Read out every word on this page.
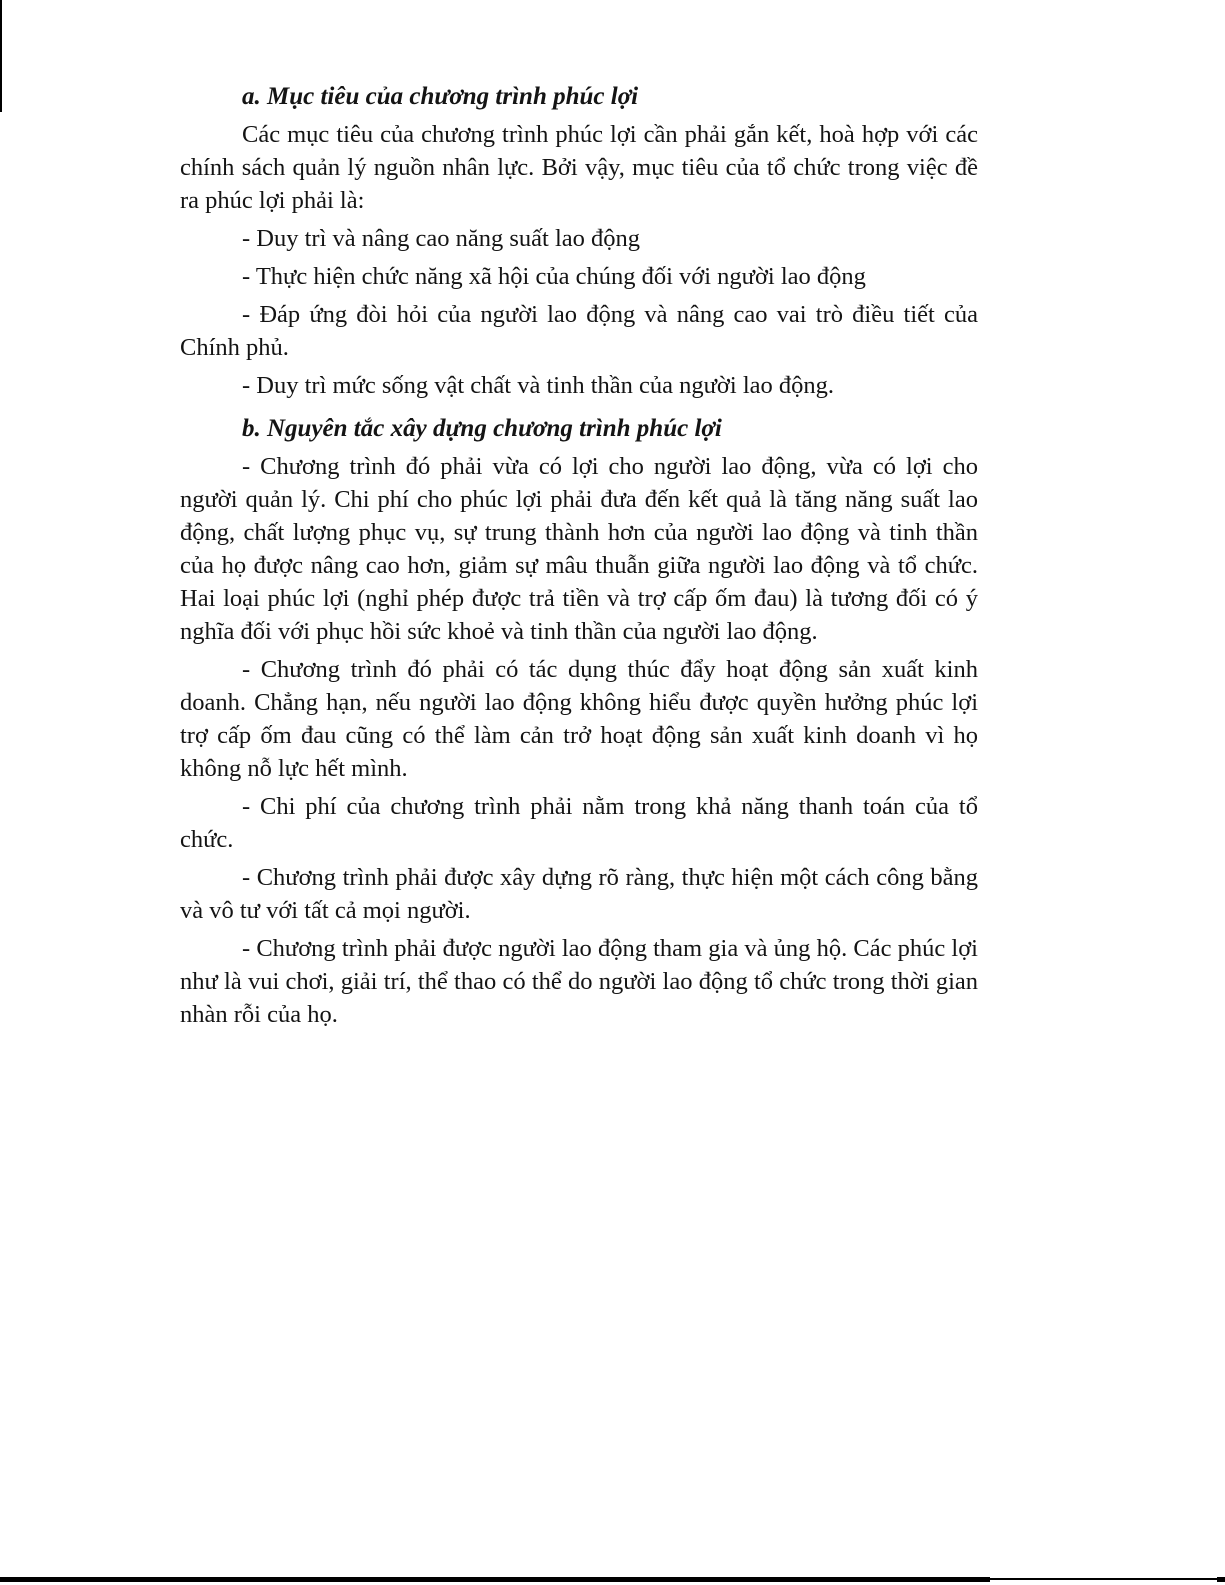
a. Mục tiêu của chương trình phúc lợi

Các mục tiêu của chương trình phúc lợi cần phải gắn kết, hoà hợp với các chính sách quản lý nguồn nhân lực. Bởi vậy, mục tiêu của tổ chức trong việc đề ra phúc lợi phải là:

- Duy trì và nâng cao năng suất lao động

- Thực hiện chức năng xã hội của chúng đối với người lao động

- Đáp ứng đòi hỏi của người lao động và nâng cao vai trò điều tiết của Chính phủ.

- Duy trì mức sống vật chất và tinh thần của người lao động.

b. Nguyên tắc xây dựng chương trình phúc lợi

- Chương trình đó phải vừa có lợi cho người lao động, vừa có lợi cho người quản lý. Chi phí cho phúc lợi phải đưa đến kết quả là tăng năng suất lao động, chất lượng phục vụ, sự trung thành hơn của người lao động và tinh thần của họ được nâng cao hơn, giảm sự mâu thuẫn giữa người lao động và tổ chức. Hai loại phúc lợi (nghỉ phép được trả tiền và trợ cấp ốm đau) là tương đối có ý nghĩa đối với phục hồi sức khoẻ và tinh thần của người lao động.

- Chương trình đó phải có tác dụng thúc đẩy hoạt động sản xuất kinh doanh. Chẳng hạn, nếu người lao động không hiểu được quyền hưởng phúc lợi trợ cấp ốm đau cũng có thể làm cản trở hoạt động sản xuất kinh doanh vì họ không nỗ lực hết mình.

- Chi phí của chương trình phải nằm trong khả năng thanh toán của tổ chức.

- Chương trình phải được xây dựng rõ ràng, thực hiện một cách công bằng và vô tư với tất cả mọi người.

- Chương trình phải được người lao động tham gia và ủng hộ. Các phúc lợi như là vui chơi, giải trí, thể thao có thể do người lao động tổ chức trong thời gian nhàn rỗi của họ.
